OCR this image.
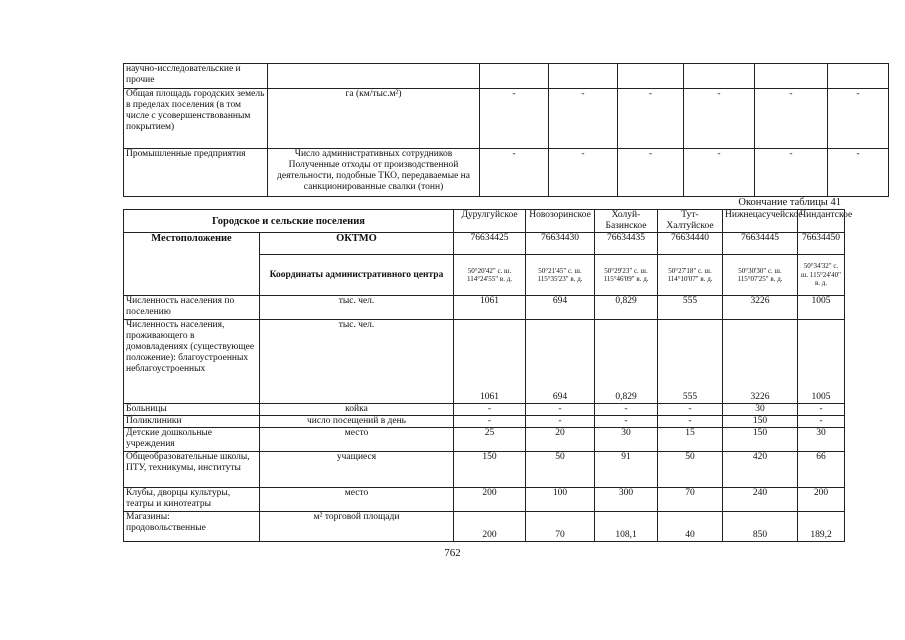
научно-исследовательские и прочие							
Общая площадь городских земель в пределах поселения (в том числе с усовершенствованным покрытием)	га (км/тыс.м²)	-	-	-	-	-	-
Промышленные предприятия	Число административных сотрудников Полученные отходы от производственной деятельности, подобные ТКО, передаваемые на санкционированные свалки (тонн)	-	-	-	-	-	-
Окончание таблицы 41
Городское и сельские поселения		Дурулгуйское	Новозоринское	Холуй-Базинское	Тут-Халтуйское	Нижнецасучейское	Чиндантское
Местоположение	ОКТМО	76634425	76634430	76634435	76634440	76634445	76634450
	Координаты административного центра	50°20'42" с. ш. 114°24'55" в. д.	50°21'45" с. ш. 115°35'23" в. д.	50°29'23" с. ш. 115°46'09" в. д.	50°27'18" с. ш. 114°10'07" в. д.	50°30'30" с. ш. 115°07'25" в. д.	50°34'32" с. ш. 115°24'40" в. д.
Численность населения по поселению	тыс. чел.	1061	694	0,829	555	3226	1005
Численность населения, проживающего в домовладениях (существующее положение): благоустроенных неблагоустроенных	тыс. чел.	1061	694	0,829	555	3226	1005
Больницы	койка	-	-	-	-	30	-
Поликлиники	число посещений в день	-	-	-	-	150	-
Детские дошкольные учреждения	место	25	20	30	15	150	30
Общеобразовательные школы, ПТУ, техникумы, институты	учащиеся	150	50	91	50	420	66
Клубы, дворцы культуры, театры и кинотеатры	место	200	100	300	70	240	200
Магазины: продовольственные	м² торговой площади	200	70	108,1	40	850	189,2
762
